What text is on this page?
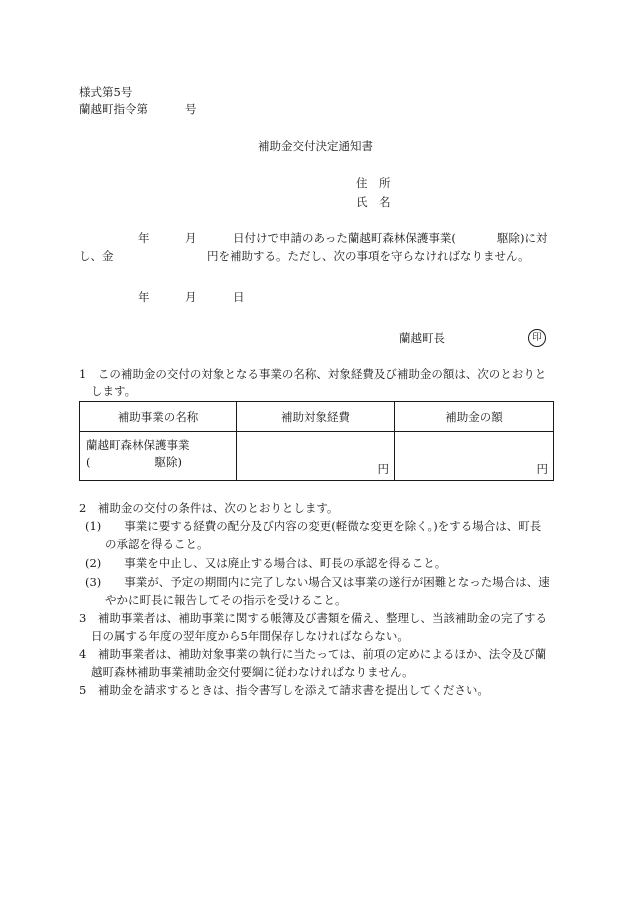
様式第5号
蘭越町指令第	号
補助金交付決定通知書
住　所
氏　名
年	月	日付けで申請のあった蘭越町森林保護事業(	駆除)に対
し、金	円を補助する。ただし、次の事項を守らなければなりません。
年	月	日
蘭越町長	印
1　この補助金の交付の対象となる事業の名称、対象経費及び補助金の額は、次のとおりと
します。
補助事業の名称	補助対象経費	補助金の額

蘭越町森林保護事業
( 駆除)	円	円
2　補助金の交付の条件は、次のとおりとします。
(1)　　事業に要する経費の配分及び内容の変更(軽微な変更を除く。)をする場合は、町長
の承認を得ること。
(2)　　事業を中止し、又は廃止する場合は、町長の承認を得ること。
(3)　　事業が、予定の期間内に完了しない場合又は事業の遂行が困難となった場合は、速
やかに町長に報告してその指示を受けること。
3　補助事業者は、補助事業に関する帳簿及び書類を備え、整理し、当該補助金の完了する
日の属する年度の翌年度から5年間保存しなければならない。
4　補助事業者は、補助対象事業の執行に当たっては、前項の定めによるほか、法令及び蘭
越町森林補助事業補助金交付要綱に従わなければなりません。
5　補助金を請求するときは、指令書写しを添えて請求書を提出してください。
